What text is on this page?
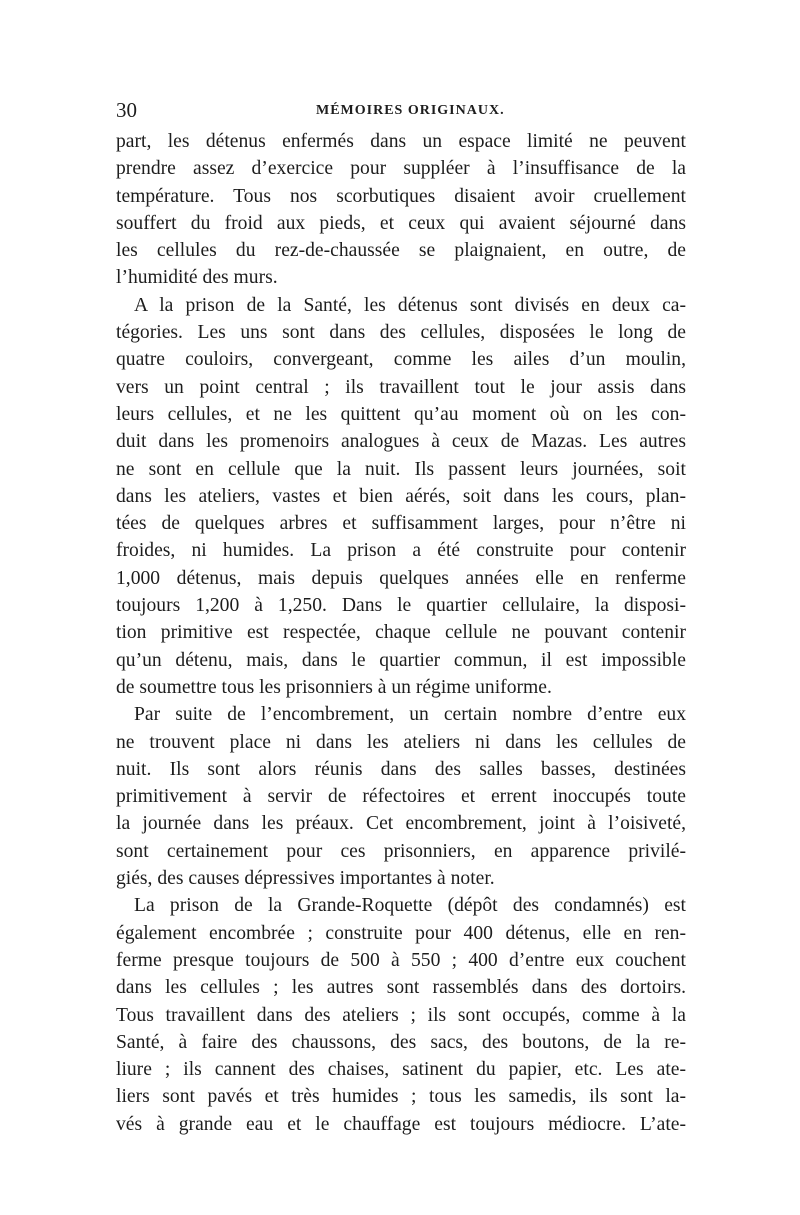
30	MÉMOIRES ORIGINAUX.
part, les détenus enfermés dans un espace limité ne peuvent
prendre assez d’exercice pour suppléer à l’insuffisance de la
température. Tous nos scorbutiques disaient avoir cruellement
souffert du froid aux pieds, et ceux qui avaient séjourné dans
les cellules du rez-de-chaussée se plaignaient, en outre, de
l’humidité des murs.
A la prison de la Santé, les détenus sont divisés en deux ca-
tégories. Les uns sont dans des cellules, disposées le long de
quatre couloirs, convergeant, comme les ailes d’un moulin,
vers un point central ; ils travaillent tout le jour assis dans
leurs cellules, et ne les quittent qu’au moment où on les con-
duit dans les promenoirs analogues à ceux de Mazas. Les autres
ne sont en cellule que la nuit. Ils passent leurs journées, soit
dans les ateliers, vastes et bien aérés, soit dans les cours, plan-
tées de quelques arbres et suffisamment larges, pour n’être ni
froides, ni humides. La prison a été construite pour contenir
1,000 détenus, mais depuis quelques années elle en renferme
toujours 1,200 à 1,250. Dans le quartier cellulaire, la disposi-
tion primitive est respectée, chaque cellule ne pouvant contenir
qu’un détenu, mais, dans le quartier commun, il est impossible
de soumettre tous les prisonniers à un régime uniforme.
Par suite de l’encombrement, un certain nombre d’entre eux
ne trouvent place ni dans les ateliers ni dans les cellules de
nuit. Ils sont alors réunis dans des salles basses, destinées
primitivement à servir de réfectoires et errent inoccupés toute
la journée dans les préaux. Cet encombrement, joint à l’oisiveté,
sont certainement pour ces prisonniers, en apparence privilé-
giés, des causes dépressives importantes à noter.
La prison de la Grande-Roquette (dépôt des condamnés) est
également encombrée ; construite pour 400 détenus, elle en ren-
ferme presque toujours de 500 à 550 ; 400 d’entre eux couchent
dans les cellules ; les autres sont rassemblés dans des dortoirs.
Tous travaillent dans des ateliers ; ils sont occupés, comme à la
Santé, à faire des chaussons, des sacs, des boutons, de la re-
liure ; ils cannent des chaises, satinent du papier, etc. Les ate-
liers sont pavés et très humides ; tous les samedis, ils sont la-
vés à grande eau et le chauffage est toujours médiocre. L’ate-
